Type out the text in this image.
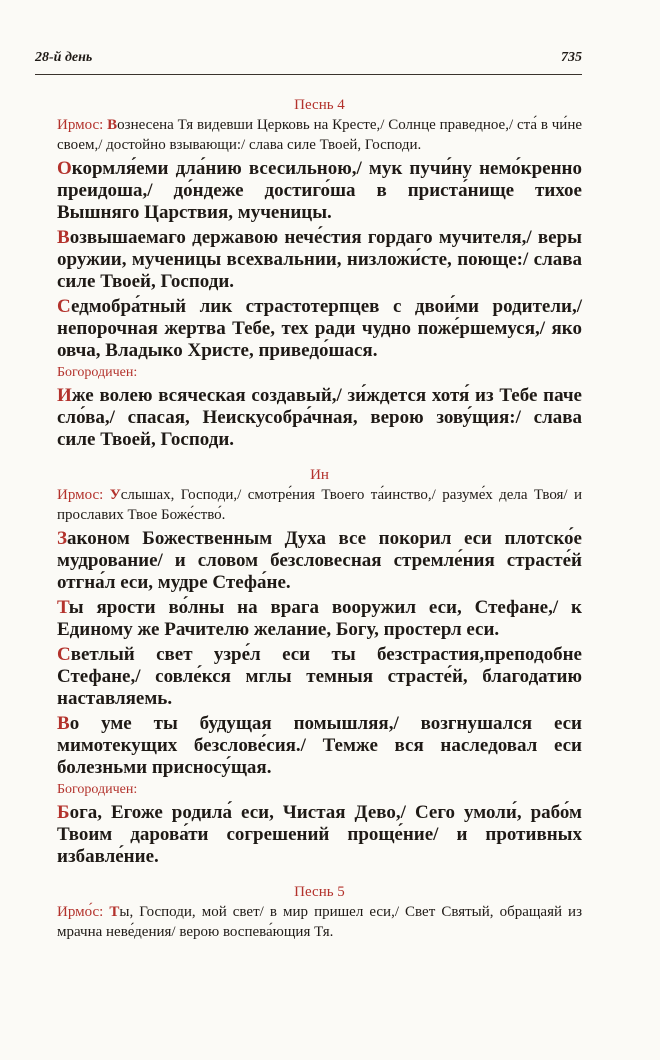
28-й день	735
Песнь 4

Ирмос: Вознесена Тя видевши Церковь на Кресте,/ Солнце праведное,/ ста́ в чи́не своем,/ достойно взывающи:/ слава силе Твоей, Господи.

Окормля́еми дла́нию всесильною,/ мук пучи́ну немо́кренно преидоша,/ до́ндеже достиго́ша в приста́нище тихое Вышняго Царствия, мученицы.

Возвышаемаго державою нече́стия гордаго мучителя,/ веры оружии, мученицы всехвальнии, низложи́сте, поюще:/ слава силе Твоей, Господи.

Седмобра́тный лик страстотерпцев с двои́ми родители,/ непорочная жертва Тебе, тех ради чудно поже́ршемуся,/ яко овча, Владыко Христе, приведо́шася.

Богородичен:

Иже волею всяческая создавый,/ зи́ждется хотя́ из Тебе паче сло́ва,/ спасая, Неискусобра́чная, верою зову́щия:/ слава силе Твоей, Господи.

Ин

Ирмос: Услышах, Господи,/ смотре́ния Твоего та́инство,/ разуме́х дела Твоя/ и прославих Твое Боже́ство́.

Законом Божественным Духа все покорил еси плотско́е мудрование/ и словом безсловесная стремле́ния страсте́й отгна́л еси, мудре Стефа́не.

Ты ярости во́лны на врага вооружил еси, Стефане,/ к Единому же Рачителю желание, Богу, простерл еси.

Светлый свет узре́л еси ты безстрастия,преподобне Стефане,/ совле́кся мглы темныя страсте́й, благодатию наставляемь.

Во уме ты будущая помышляя,/ возгнушался еси мимотекущих безслове́сия./ Темже вся наследовал еси болезньми присносу́щая.

Богородичен:

Бога, Егоже родила́ еси, Чистая Дево,/ Сего умоли́, рабо́м Твоим дарова́ти согрешений проще́ние/ и противных избавле́ние.

Песнь 5

Ирмо́с: Ты, Господи, мой свет/ в мир пришел еси,/ Свет Святый, обращаяй из мрачна неве́дения/ верою воспева́ющия Тя.
